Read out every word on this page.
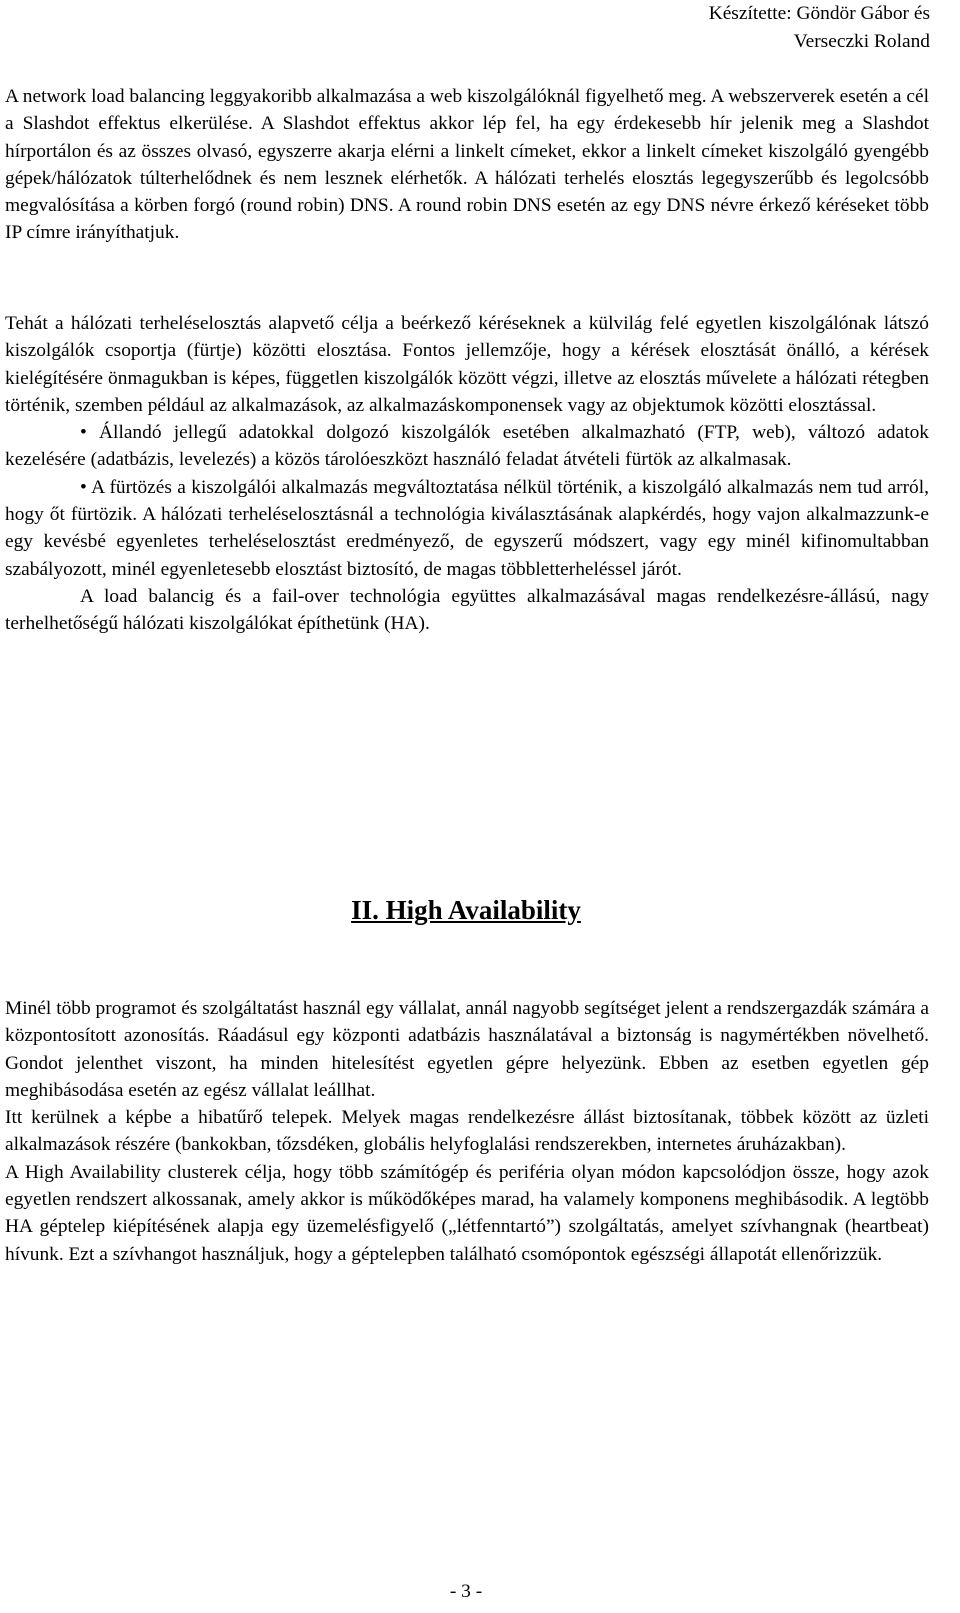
Készítette: Göndör Gábor és
Verseczki Roland

A network load balancing leggyakoribb alkalmazása a web kiszolgálóknál figyelhető meg. A webszerverek esetén a cél a Slashdot effektus elkerülése. A Slashdot effektus akkor lép fel, ha egy érdekesebb hír jelenik meg a Slashdot hírportálon és az összes olvasó, egyszerre akarja elérni a linkelt címeket, ekkor a linkelt címeket kiszolgáló gyengébb gépek/hálózatok túlterhelődnek és nem lesznek elérhetők. A hálózati terhelés elosztás legegyszerűbb és legolcsóbb megvalósítása a körben forgó (round robin) DNS. A round robin DNS esetén az egy DNS névre érkező kéréseket több IP címre irányíthatjuk.

Tehát a hálózati terheléselosztás alapvető célja a beérkező kéréseknek a külvilág felé egyetlen kiszolgálónak látszó kiszolgálók csoportja (fürtje) közötti elosztása. Fontos jellemzője, hogy a kérések elosztását önálló, a kérések kielégítésére önmagukban is képes, független kiszolgálók között végzi, illetve az elosztás művelete a hálózati rétegben történik, szemben például az alkalmazások, az alkalmazáskomponensek vagy az objektumok közötti elosztással.

• Állandó jellegű adatokkal dolgozó kiszolgálók esetében alkalmazható (FTP, web), változó adatok kezelésére (adatbázis, levelezés) a közös tárolóeszközt használó feladat átvételi fürtök az alkalmasak.

• A fürtözés a kiszolgálói alkalmazás megváltoztatása nélkül történik, a kiszolgáló alkalmazás nem tud arról, hogy őt fürtözik. A hálózati terheléselosztásnál a technológia kiválasztásának alapkérdés, hogy vajon alkalmazzunk-e egy kevésbé egyenletes terheléselosztást eredményező, de egyszerű módszert, vagy egy minél kifinomultabban szabályozott, minél egyenletesebb elosztást biztosító, de magas többletterheléssel járót.

A load balancig és a fail-over technológia együttes alkalmazásával magas rendelkezésre-állású, nagy terhelhetőségű hálózati kiszolgálókat építhetünk (HA).

II. High Availability

Minél több programot és szolgáltatást használ egy vállalat, annál nagyobb segítséget jelent a rendszergazdák számára a központosított azonosítás. Ráadásul egy központi adatbázis használatával a biztonság is nagymértékben növelhető. Gondot jelenthet viszont, ha minden hitelesítést egyetlen gépre helyezünk. Ebben az esetben egyetlen gép meghibásodása esetén az egész vállalat leállhat.

Itt kerülnek a képbe a hibatűrő telepek. Melyek magas rendelkezésre állást biztosítanak, többek között az üzleti alkalmazások részére (bankokban, tőzsdéken, globális helyfoglalási rendszerekben, internetes áruházakban).

A High Availability clusterek célja, hogy több számítógép és periféria olyan módon kapcsolódjon össze, hogy azok egyetlen rendszert alkossanak, amely akkor is működőképes marad, ha valamely komponens meghibásodik. A legtöbb HA géptelep kiépítésének alapja egy üzemelésfigyelő („létfenntartó”) szolgáltatás, amelyet szívhangnak (heartbeat) hívunk. Ezt a szívhangot használjuk, hogy a géptelepben található csomópontok egészségi állapotát ellenőrizzük.

- 3 -
